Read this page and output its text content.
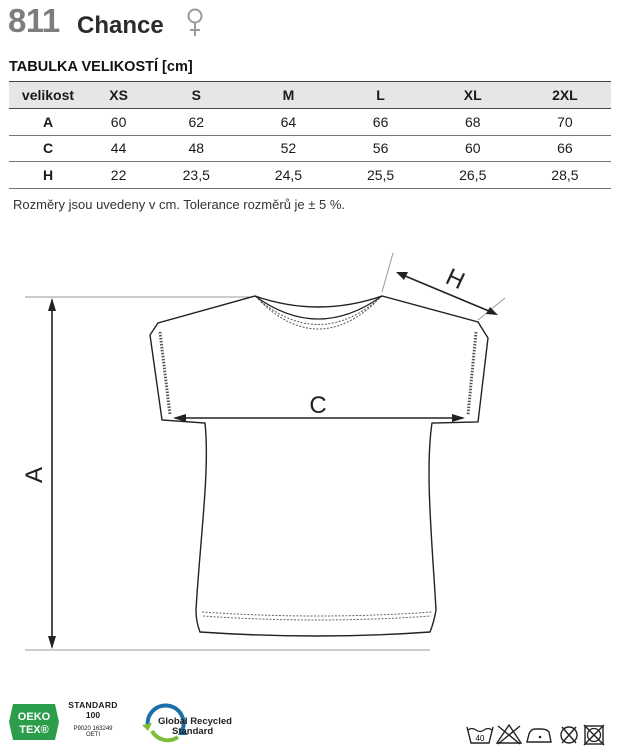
811 Chance
TABULKA VELIKOSTÍ [cm]
velikost	XS	S	M	L	XL	2XL
A	60	62	64	66	68	70
C	44	48	52	56	60	66
H	22	23,5	24,5	25,5	26,5	28,5
Rozměry jsou uvedeny v cm. Tolerance rozměrů je ± 5 %.
A
C
H
OEKO
TEX®
STANDARD
100
P9020 163249
OETI
Global Recycled
Standard
40
